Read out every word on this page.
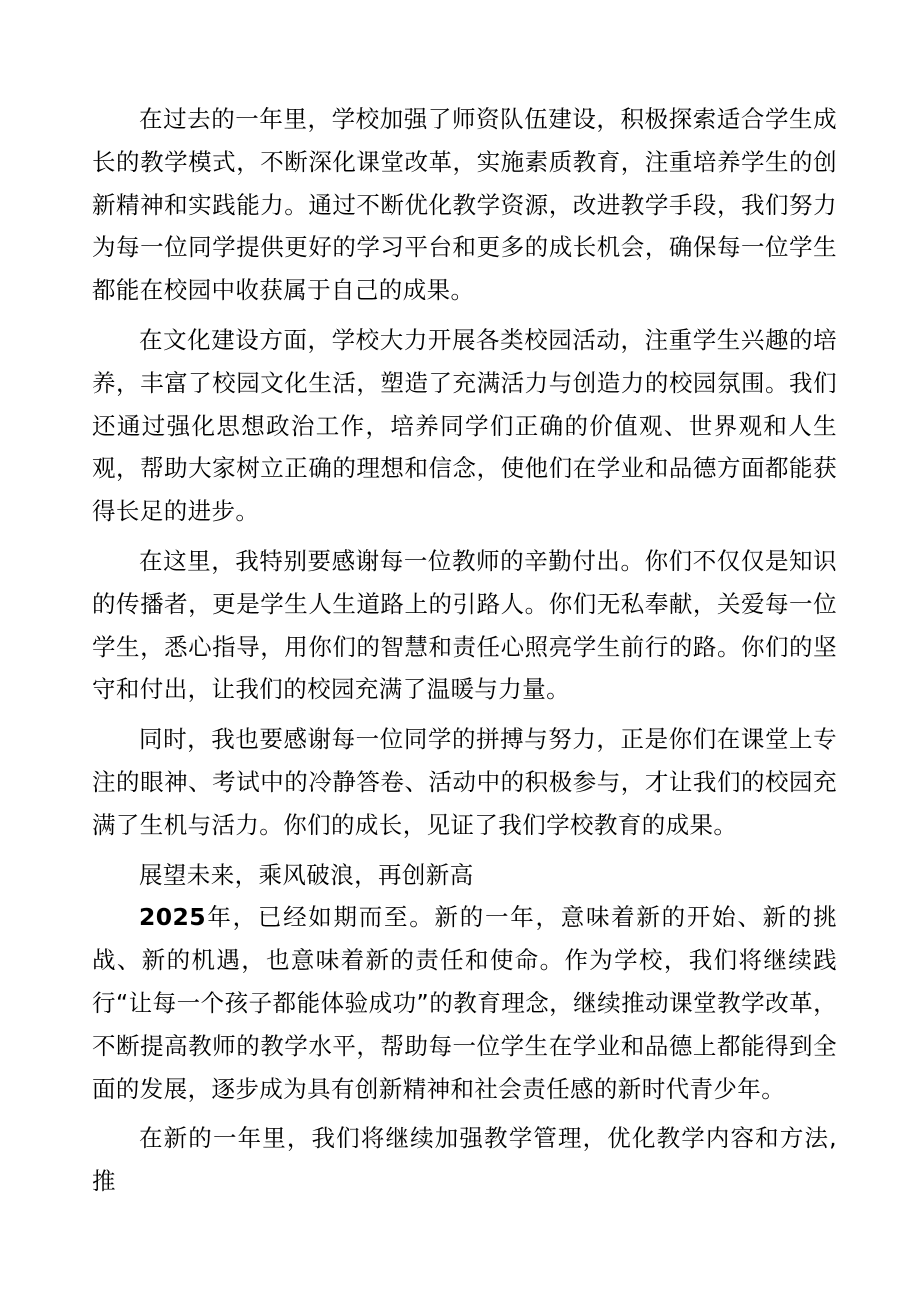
在过去的一年里，学校加强了师资队伍建设，积极探索适合学生成长的教学模式，不断深化课堂改革，实施素质教育，注重培养学生的创新精神和实践能力。通过不断优化教学资源，改进教学手段，我们努力为每一位同学提供更好的学习平台和更多的成长机会，确保每一位学生都能在校园中收获属于自己的成果。

在文化建设方面，学校大力开展各类校园活动，注重学生兴趣的培养，丰富了校园文化生活，塑造了充满活力与创造力的校园氛围。我们还通过强化思想政治工作，培养同学们正确的价值观、世界观和人生观，帮助大家树立正确的理想和信念，使他们在学业和品德方面都能获得长足的进步。

在这里，我特别要感谢每一位教师的辛勤付出。你们不仅仅是知识的传播者，更是学生人生道路上的引路人。你们无私奉献，关爱每一位学生，悉心指导，用你们的智慧和责任心照亮学生前行的路。你们的坚守和付出，让我们的校园充满了温暖与力量。

同时，我也要感谢每一位同学的拼搏与努力，正是你们在课堂上专注的眼神、考试中的冷静答卷、活动中的积极参与，才让我们的校园充满了生机与活力。你们的成长，见证了我们学校教育的成果。

展望未来，乘风破浪，再创新高

2025年，已经如期而至。新的一年，意味着新的开始、新的挑战、新的机遇，也意味着新的责任和使命。作为学校，我们将继续践行“让每一个孩子都能体验成功”的教育理念，继续推动课堂教学改革，不断提高教师的教学水平，帮助每一位学生在学业和品德上都能得到全面的发展，逐步成为具有创新精神和社会责任感的新时代青少年。

在新的一年里，我们将继续加强教学管理，优化教学内容和方法,推
